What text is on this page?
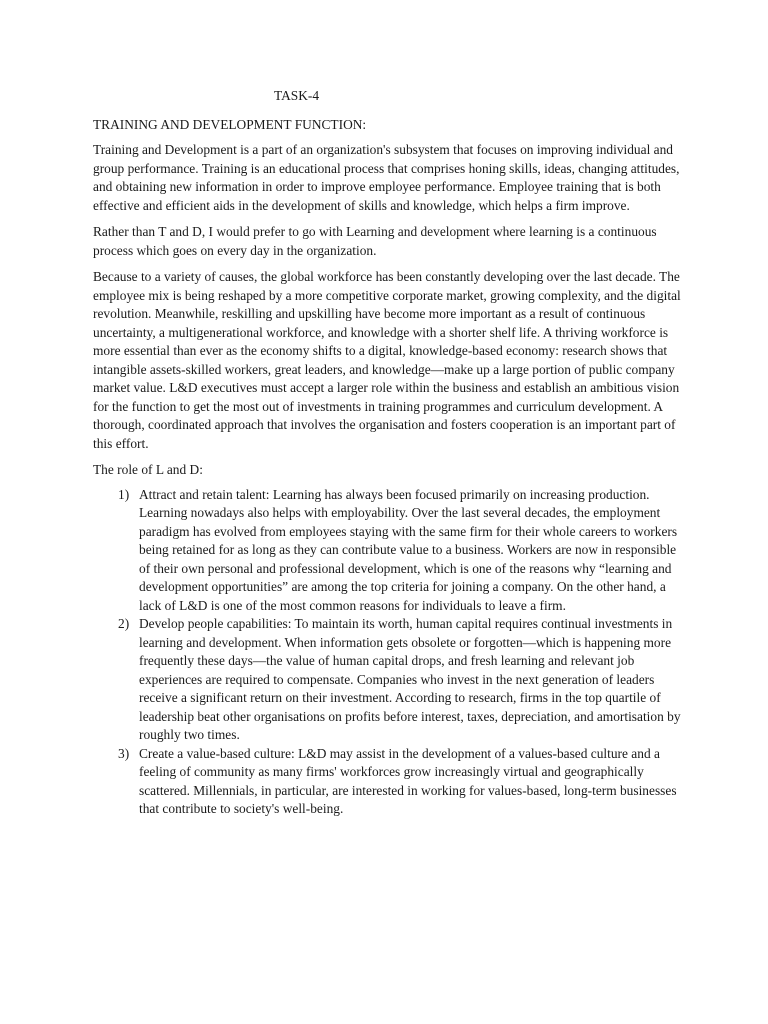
TASK-4
TRAINING AND DEVELOPMENT FUNCTION:

Training and Development is a part of an organization's subsystem that focuses on improving individual and group performance. Training is an educational process that comprises honing skills, ideas, changing attitudes, and obtaining new information in order to improve employee performance. Employee training that is both effective and efficient aids in the development of skills and knowledge, which helps a firm improve.

Rather than T and D, I would prefer to go with Learning and development where learning is a continuous process which goes on every day in the organization.

Because to a variety of causes, the global workforce has been constantly developing over the last decade. The employee mix is being reshaped by a more competitive corporate market, growing complexity, and the digital revolution. Meanwhile, reskilling and upskilling have become more important as a result of continuous uncertainty, a multigenerational workforce, and knowledge with a shorter shelf life. A thriving workforce is more essential than ever as the economy shifts to a digital, knowledge-based economy: research shows that intangible assets-skilled workers, great leaders, and knowledge—make up a large portion of public company market value. L&D executives must accept a larger role within the business and establish an ambitious vision for the function to get the most out of investments in training programmes and curriculum development. A thorough, coordinated approach that involves the organisation and fosters cooperation is an important part of this effort.

The role of L and D:
1) Attract and retain talent: Learning has always been focused primarily on increasing production. Learning nowadays also helps with employability. Over the last several decades, the employment paradigm has evolved from employees staying with the same firm for their whole careers to workers being retained for as long as they can contribute value to a business. Workers are now in responsible of their own personal and professional development, which is one of the reasons why “learning and development opportunities” are among the top criteria for joining a company. On the other hand, a lack of L&D is one of the most common reasons for individuals to leave a firm.
2) Develop people capabilities: To maintain its worth, human capital requires continual investments in learning and development. When information gets obsolete or forgotten—which is happening more frequently these days—the value of human capital drops, and fresh learning and relevant job experiences are required to compensate. Companies who invest in the next generation of leaders receive a significant return on their investment. According to research, firms in the top quartile of leadership beat other organisations on profits before interest, taxes, depreciation, and amortisation by roughly two times.
3) Create a value-based culture: L&D may assist in the development of a values-based culture and a feeling of community as many firms' workforces grow increasingly virtual and geographically scattered. Millennials, in particular, are interested in working for values-based, long-term businesses that contribute to society's well-being.
